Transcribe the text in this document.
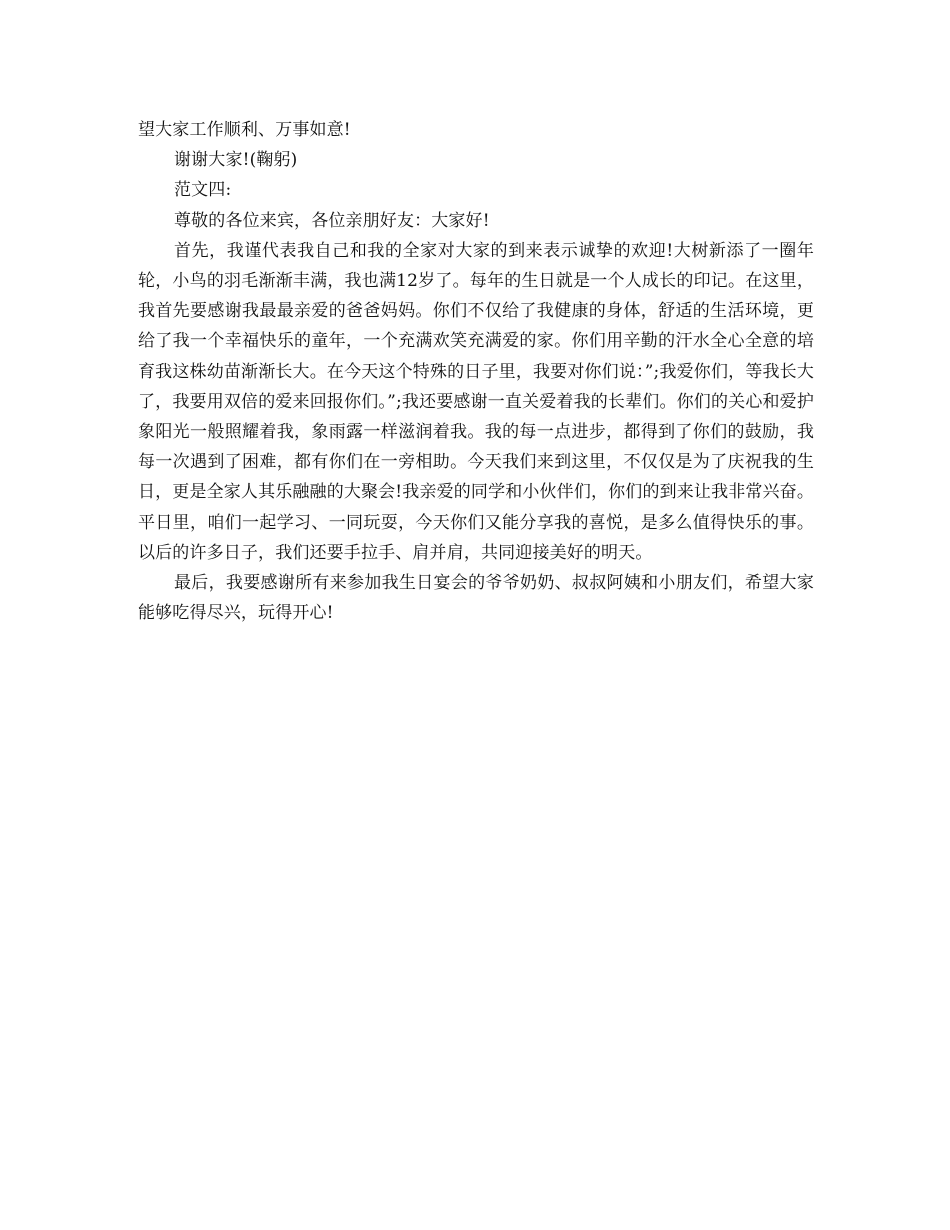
望大家工作顺利、万事如意!

谢谢大家!(鞠躬)

范文四:

尊敬的各位来宾，各位亲朋好友：大家好!

首先，我谨代表我自己和我的全家对大家的到来表示诚挚的欢迎!大树新添了一圈年轮，小鸟的羽毛渐渐丰满，我也满12岁了。每年的生日就是一个人成长的印记。在这里，我首先要感谢我最最亲爱的爸爸妈妈。你们不仅给了我健康的身体，舒适的生活环境，更给了我一个幸福快乐的童年，一个充满欢笑充满爱的家。你们用辛勤的汗水全心全意的培育我这株幼苗渐渐长大。在今天这个特殊的日子里，我要对你们说：”;我爱你们，等我长大了，我要用双倍的爱来回报你们。”;我还要感谢一直关爱着我的长辈们。你们的关心和爱护象阳光一般照耀着我，象雨露一样滋润着我。我的每一点进步，都得到了你们的鼓励，我每一次遇到了困难，都有你们在一旁相助。今天我们来到这里，不仅仅是为了庆祝我的生日，更是全家人其乐融融的大聚会!我亲爱的同学和小伙伴们，你们的到来让我非常兴奋。平日里，咱们一起学习、一同玩耍，今天你们又能分享我的喜悦，是多么值得快乐的事。以后的许多日子，我们还要手拉手、肩并肩，共同迎接美好的明天。

最后，我要感谢所有来参加我生日宴会的爷爷奶奶、叔叔阿姨和小朋友们，希望大家能够吃得尽兴，玩得开心!
